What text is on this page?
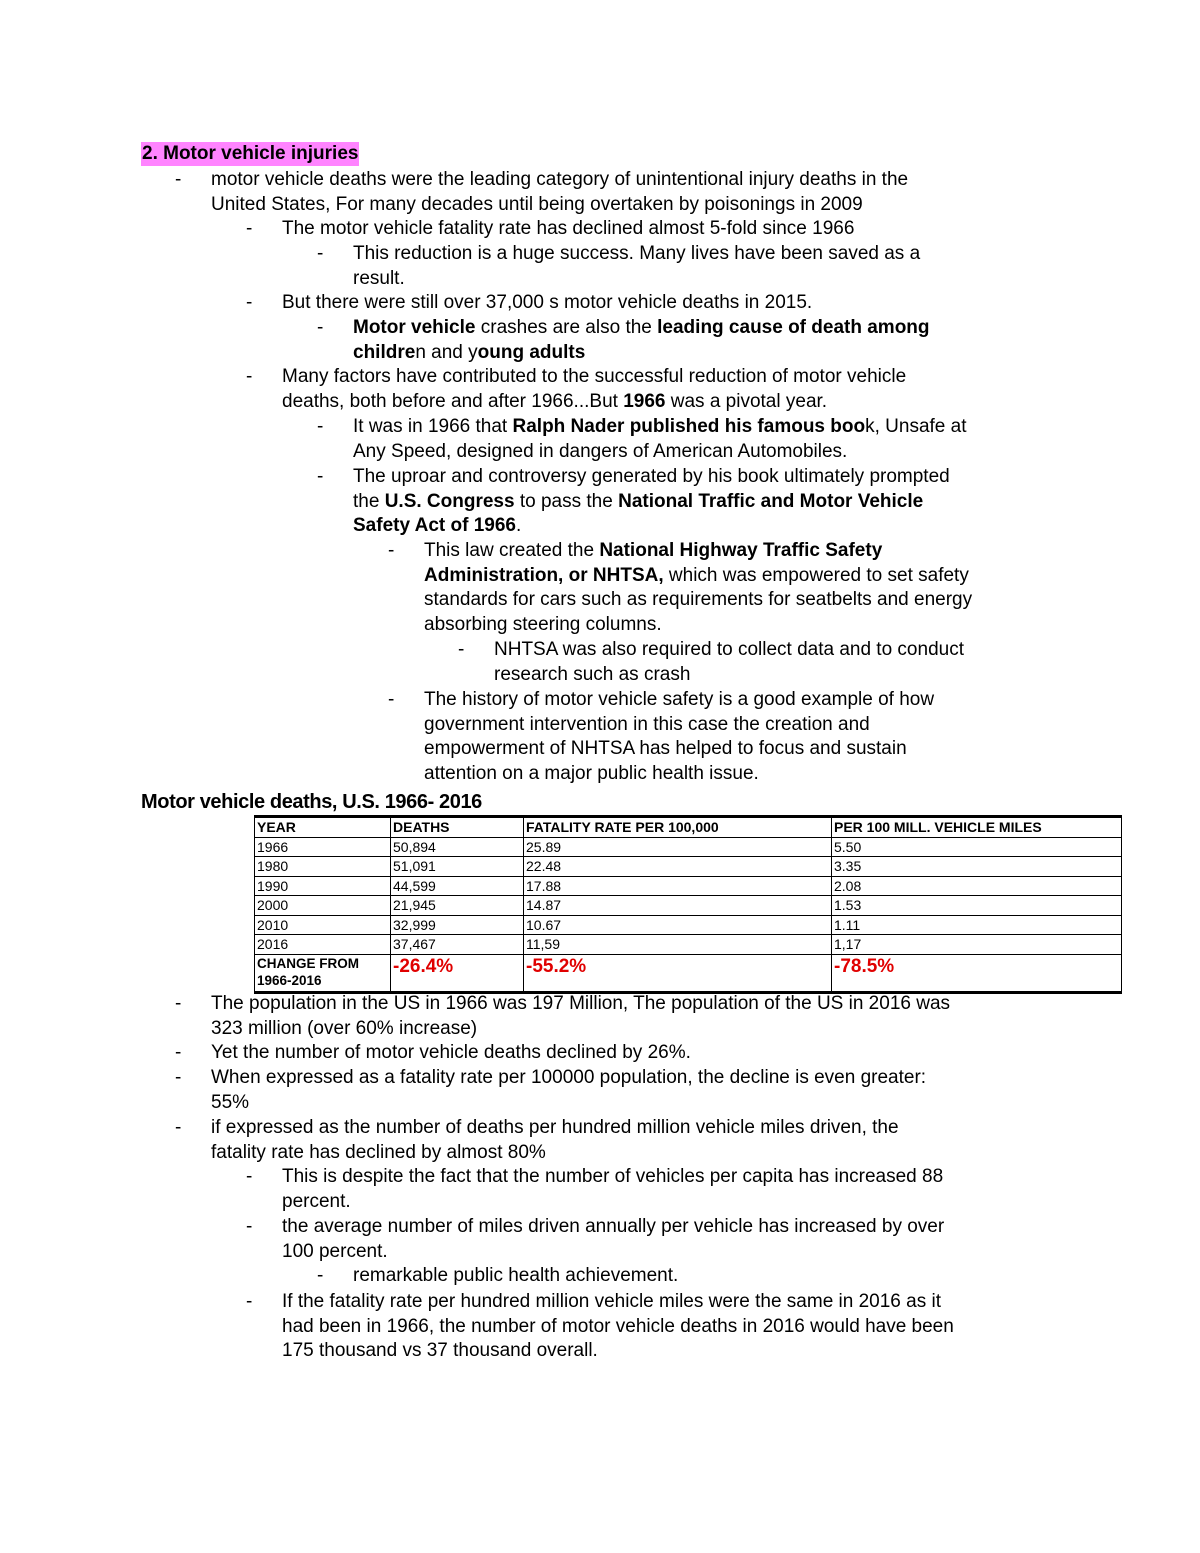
2. Motor vehicle injuries
- motor vehicle deaths were the leading category of unintentional injury deaths in the
United States, For many decades until being overtaken by poisonings in 2009
- The motor vehicle fatality rate has declined almost 5-fold since 1966
- This reduction is a huge success. Many lives have been saved as a
result.
- But there were still over 37,000 s motor vehicle deaths in 2015.
- Motor vehicle crashes are also the leading cause of death among
children and young adults
- Many factors have contributed to the successful reduction of motor vehicle
deaths, both before and after 1966...But 1966 was a pivotal year.
- It was in 1966 that Ralph Nader published his famous book, Unsafe at
Any Speed, designed in dangers of American Automobiles.
- The uproar and controversy generated by his book ultimately prompted
the U.S. Congress to pass the National Traffic and Motor Vehicle
Safety Act of 1966.
- This law created the National Highway Traffic Safety
Administration, or NHTSA, which was empowered to set safety
standards for cars such as requirements for seatbelts and energy
absorbing steering columns.
- NHTSA was also required to collect data and to conduct
research such as crash
- The history of motor vehicle safety is a good example of how
government intervention in this case the creation and
empowerment of NHTSA has helped to focus and sustain
attention on a major public health issue.
Motor vehicle deaths, U.S. 1966- 2016
YEAR	DEATHS	FATALITY RATE PER 100,000	PER 100 MILL. VEHICLE MILES
1966	50,894	25.89	5.50
1980	51,091	22.48	3.35
1990	44,599	17.88	2.08
2000	21,945	14.87	1.53
2010	32,999	10.67	1.11
2016	37,467	11,59	1,17

CHANGE FROM
1966-2016	-26.4%	-55.2%	-78.5%
- The population in the US in 1966 was 197 Million, The population of the US in 2016 was
323 million (over 60% increase)
- Yet the number of motor vehicle deaths declined by 26%.
- When expressed as a fatality rate per 100000 population, the decline is even greater:
55%
- if expressed as the number of deaths per hundred million vehicle miles driven, the
fatality rate has declined by almost 80%
- This is despite the fact that the number of vehicles per capita has increased 88
percent.
- the average number of miles driven annually per vehicle has increased by over
100 percent.
- remarkable public health achievement.
- If the fatality rate per hundred million vehicle miles were the same in 2016 as it
had been in 1966, the number of motor vehicle deaths in 2016 would have been
175 thousand vs 37 thousand overall.
